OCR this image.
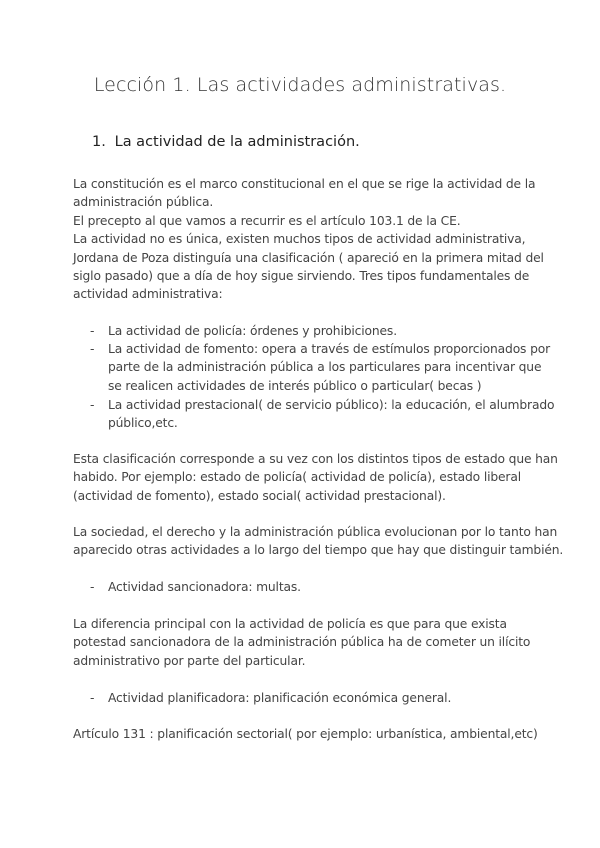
Lección 1. Las actividades administrativas.
1. La actividad de la administración.
La constitución es el marco constitucional en el que se rige la actividad de la
administración pública.
El precepto al que vamos a recurrir es el artículo 103.1 de la CE.
La actividad no es única, existen muchos tipos de actividad administrativa,
Jordana de Poza distinguía una clasificación ( apareció en la primera mitad del
siglo pasado) que a día de hoy sigue sirviendo. Tres tipos fundamentales de
actividad administrativa:
- La actividad de policía: órdenes y prohibiciones.
- La actividad de fomento: opera a través de estímulos proporcionados por
parte de la administración pública a los particulares para incentivar que
se realicen actividades de interés público o particular( becas )
- La actividad prestacional( de servicio público): la educación, el alumbrado
público,etc.
Esta clasificación corresponde a su vez con los distintos tipos de estado que han
habido. Por ejemplo: estado de policía( actividad de policía), estado liberal
(actividad de fomento), estado social( actividad prestacional).
La sociedad, el derecho y la administración pública evolucionan por lo tanto han
aparecido otras actividades a lo largo del tiempo que hay que distinguir también.
- Actividad sancionadora: multas.
La diferencia principal con la actividad de policía es que para que exista
potestad sancionadora de la administración pública ha de cometer un ilícito
administrativo por parte del particular.
- Actividad planificadora: planificación económica general.
Artículo 131 : planificación sectorial( por ejemplo: urbanística, ambiental,etc)
